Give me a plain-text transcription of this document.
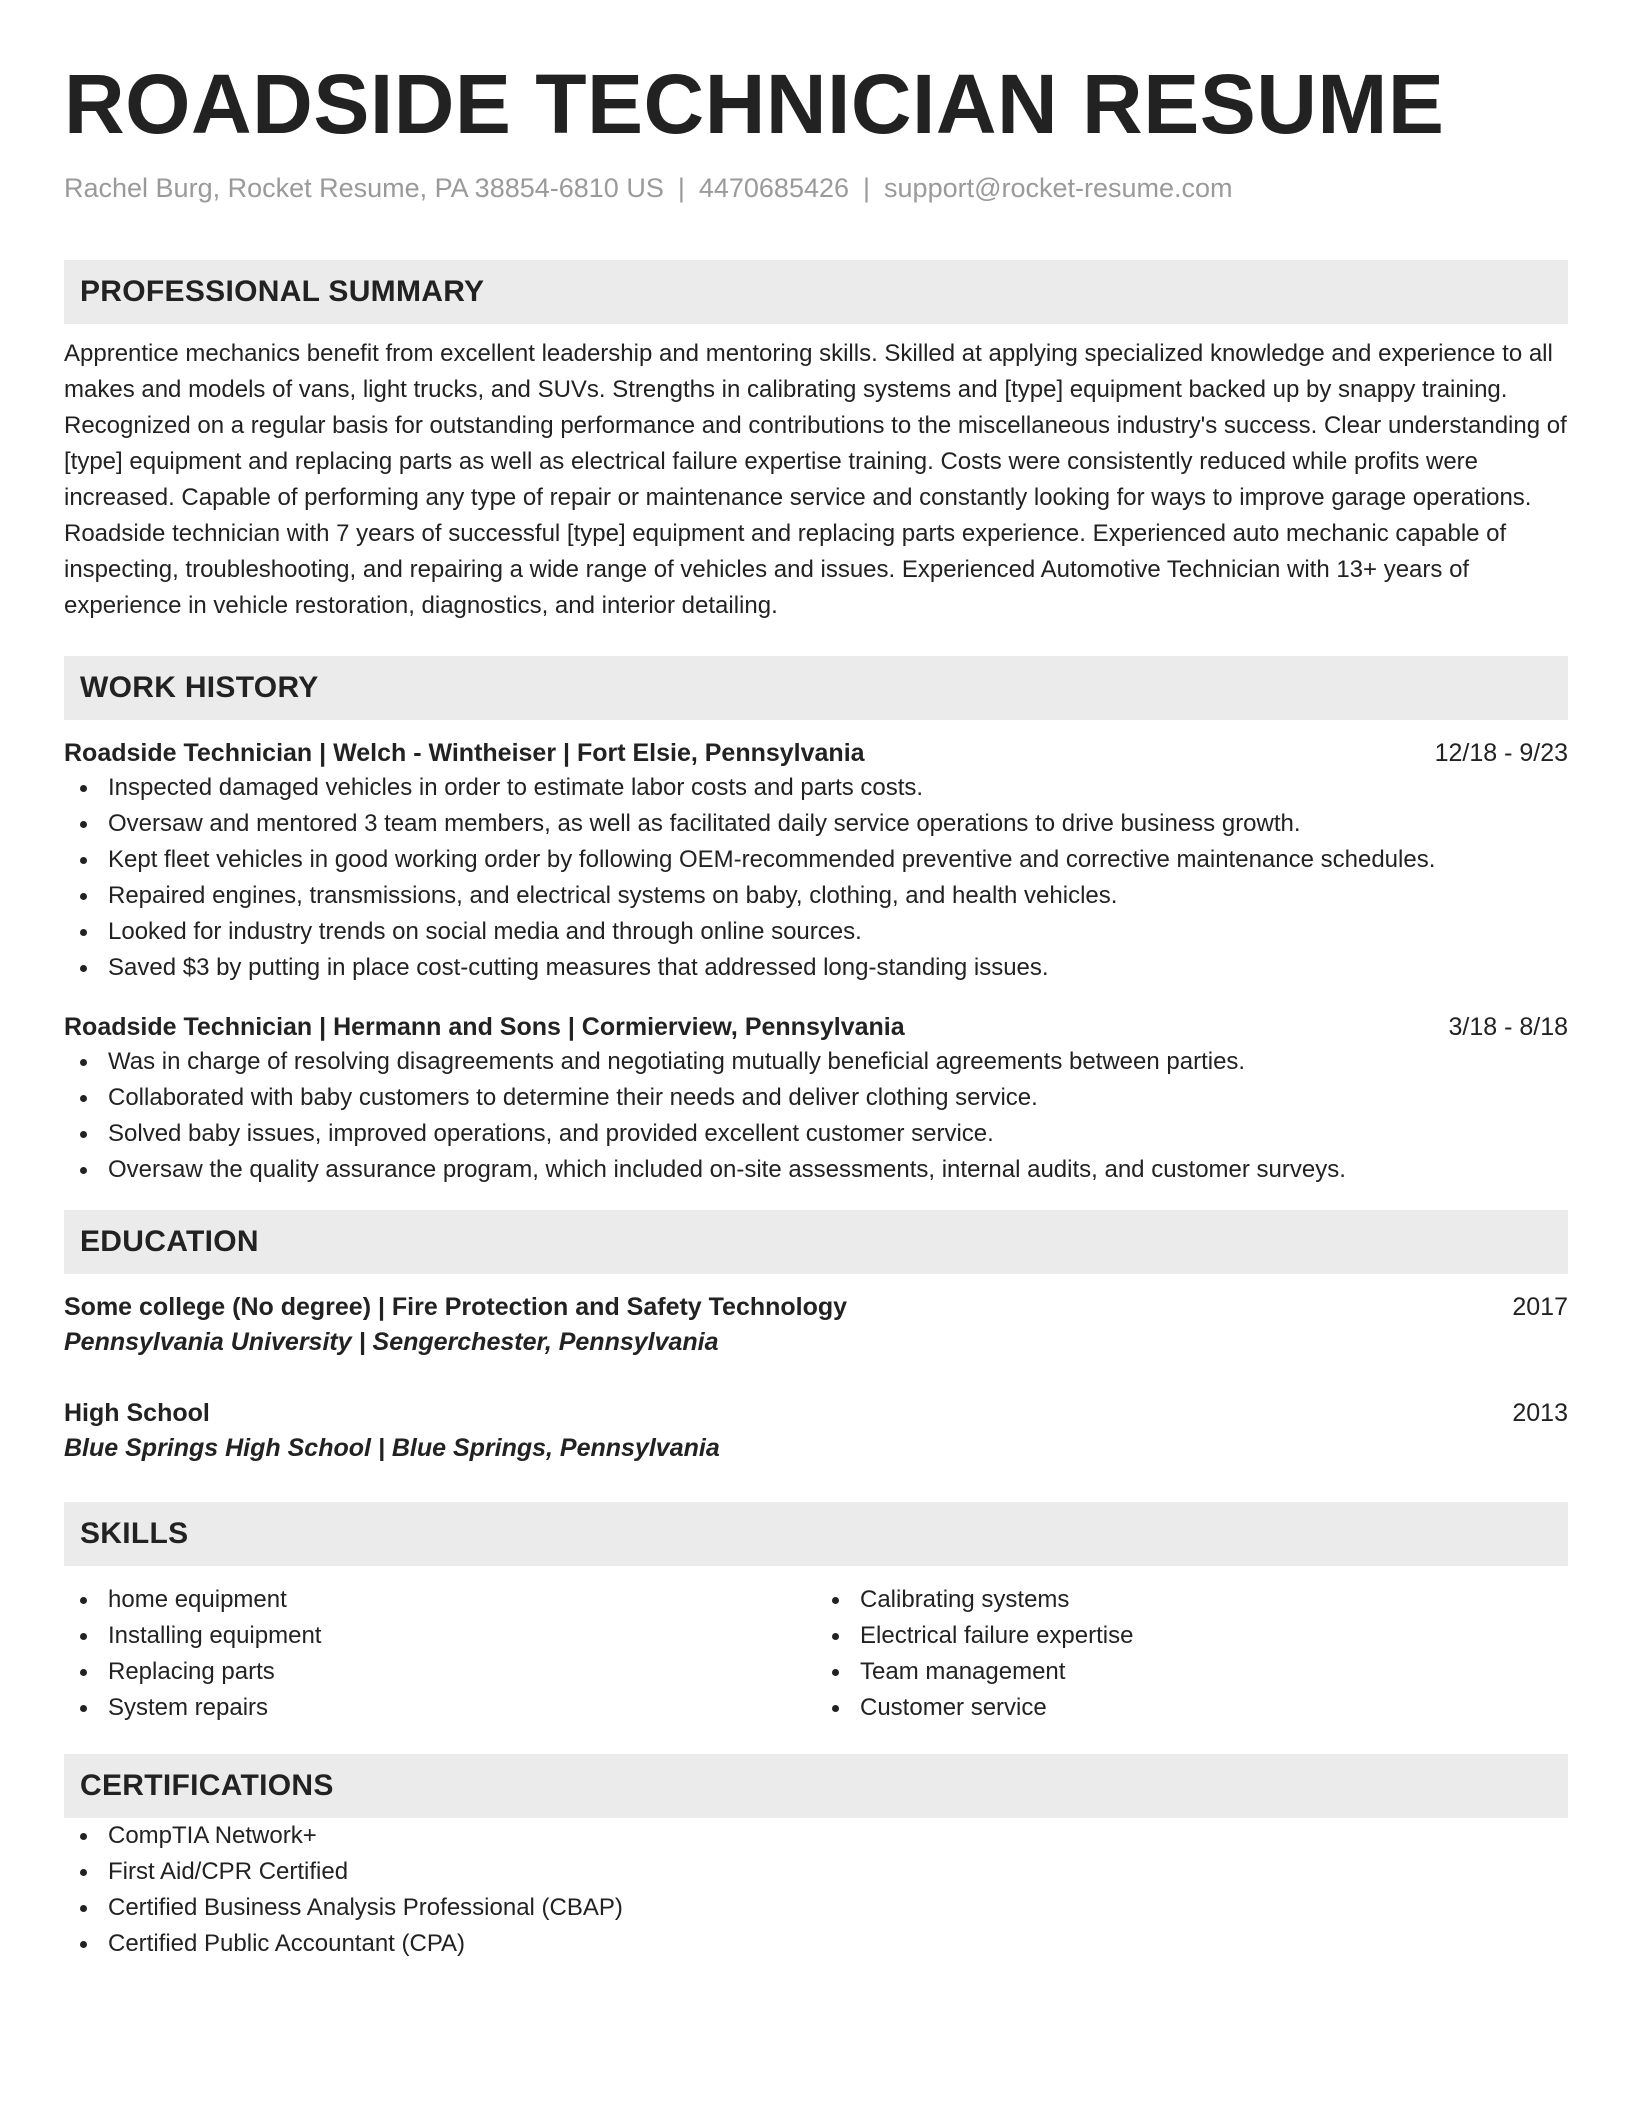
ROADSIDE TECHNICIAN RESUME
Rachel Burg, Rocket Resume, PA 38854-6810 US | 4470685426 | support@rocket-resume.com
PROFESSIONAL SUMMARY

Apprentice mechanics benefit from excellent leadership and mentoring skills. Skilled at applying specialized knowledge and experience to all makes and models of vans, light trucks, and SUVs. Strengths in calibrating systems and [type] equipment backed up by snappy training. Recognized on a regular basis for outstanding performance and contributions to the miscellaneous industry's success. Clear understanding of [type] equipment and replacing parts as well as electrical failure expertise training. Costs were consistently reduced while profits were increased. Capable of performing any type of repair or maintenance service and constantly looking for ways to improve garage operations. Roadside technician with 7 years of successful [type] equipment and replacing parts experience. Experienced auto mechanic capable of inspecting, troubleshooting, and repairing a wide range of vehicles and issues. Experienced Automotive Technician with 13+ years of experience in vehicle restoration, diagnostics, and interior detailing.

WORK HISTORY
Roadside Technician | Welch - Wintheiser | Fort Elsie, Pennsylvania	12/18 - 9/23
Inspected damaged vehicles in order to estimate labor costs and parts costs.
Oversaw and mentored 3 team members, as well as facilitated daily service operations to drive business growth.
Kept fleet vehicles in good working order by following OEM-recommended preventive and corrective maintenance schedules.
Repaired engines, transmissions, and electrical systems on baby, clothing, and health vehicles.
Looked for industry trends on social media and through online sources.
Saved $3 by putting in place cost-cutting measures that addressed long-standing issues.
Roadside Technician | Hermann and Sons | Cormierview, Pennsylvania	3/18 - 8/18
Was in charge of resolving disagreements and negotiating mutually beneficial agreements between parties.
Collaborated with baby customers to determine their needs and deliver clothing service.
Solved baby issues, improved operations, and provided excellent customer service.
Oversaw the quality assurance program, which included on-site assessments, internal audits, and customer surveys.
EDUCATION
Some college (No degree) | Fire Protection and Safety Technology	2017
Pennsylvania University | Sengerchester, Pennsylvania
High School	2013
Blue Springs High School | Blue Springs, Pennsylvania
SKILLS
home equipment
Installing equipment
Replacing parts
System repairs
Calibrating systems
Electrical failure expertise
Team management
Customer service
CERTIFICATIONS
CompTIA Network+
First Aid/CPR Certified
Certified Business Analysis Professional (CBAP)
Certified Public Accountant (CPA)
